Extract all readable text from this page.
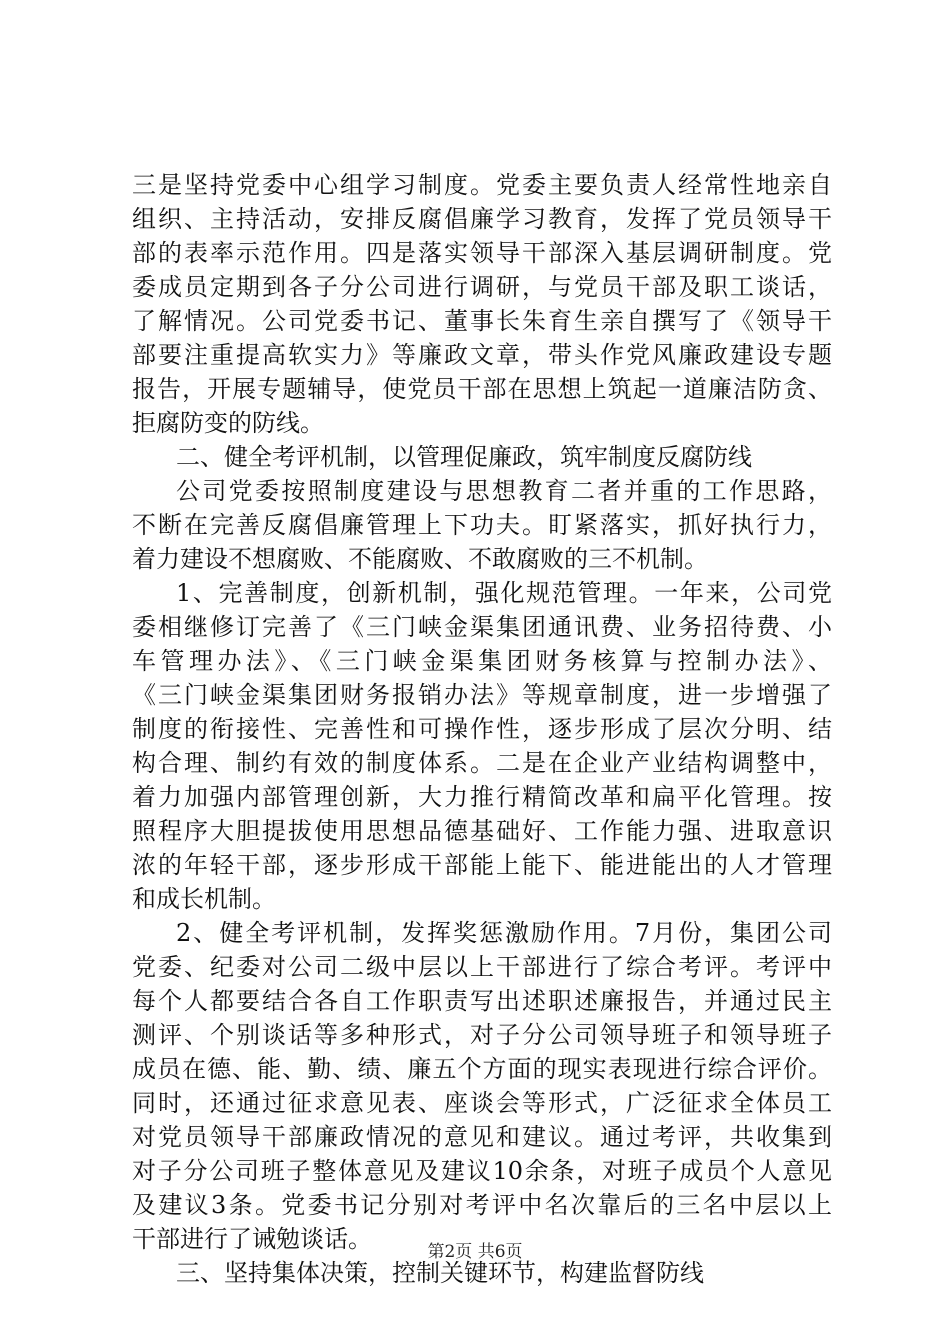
三是坚持党委中心组学习制度。党委主要负责人经常性地亲自
组织、主持活动，安排反腐倡廉学习教育，发挥了党员领导干
部的表率示范作用。四是落实领导干部深入基层调研制度。党
委成员定期到各子分公司进行调研，与党员干部及职工谈话，
了解情况。公司党委书记、董事长朱育生亲自撰写了《领导干
部要注重提高软实力》等廉政文章，带头作党风廉政建设专题
报告，开展专题辅导，使党员干部在思想上筑起一道廉洁防贪、
拒腐防变的防线。
二、健全考评机制，以管理促廉政，筑牢制度反腐防线
公司党委按照制度建设与思想教育二者并重的工作思路，
不断在完善反腐倡廉管理上下功夫。盯紧落实，抓好执行力，
着力建设不想腐败、不能腐败、不敢腐败的三不机制。
1、完善制度，创新机制，强化规范管理。一年来，公司党
委相继修订完善了《三门峡金渠集团通讯费、业务招待费、小
车管理办法》、《三门峡金渠集团财务核算与控制办法》、
《三门峡金渠集团财务报销办法》等规章制度，进一步增强了
制度的衔接性、完善性和可操作性，逐步形成了层次分明、结
构合理、制约有效的制度体系。二是在企业产业结构调整中，
着力加强内部管理创新，大力推行精简改革和扁平化管理。按
照程序大胆提拔使用思想品德基础好、工作能力强、进取意识
浓的年轻干部，逐步形成干部能上能下、能进能出的人才管理
和成长机制。
2、健全考评机制，发挥奖惩激励作用。7月份，集团公司
党委、纪委对公司二级中层以上干部进行了综合考评。考评中
每个人都要结合各自工作职责写出述职述廉报告，并通过民主
测评、个别谈话等多种形式，对子分公司领导班子和领导班子
成员在德、能、勤、绩、廉五个方面的现实表现进行综合评价。
同时，还通过征求意见表、座谈会等形式，广泛征求全体员工
对党员领导干部廉政情况的意见和建议。通过考评，共收集到
对子分公司班子整体意见及建议10余条，对班子成员个人意见
及建议3条。党委书记分别对考评中名次靠后的三名中层以上
干部进行了诫勉谈话。
三、坚持集体决策，控制关键环节，构建监督防线
第2页 共6页
